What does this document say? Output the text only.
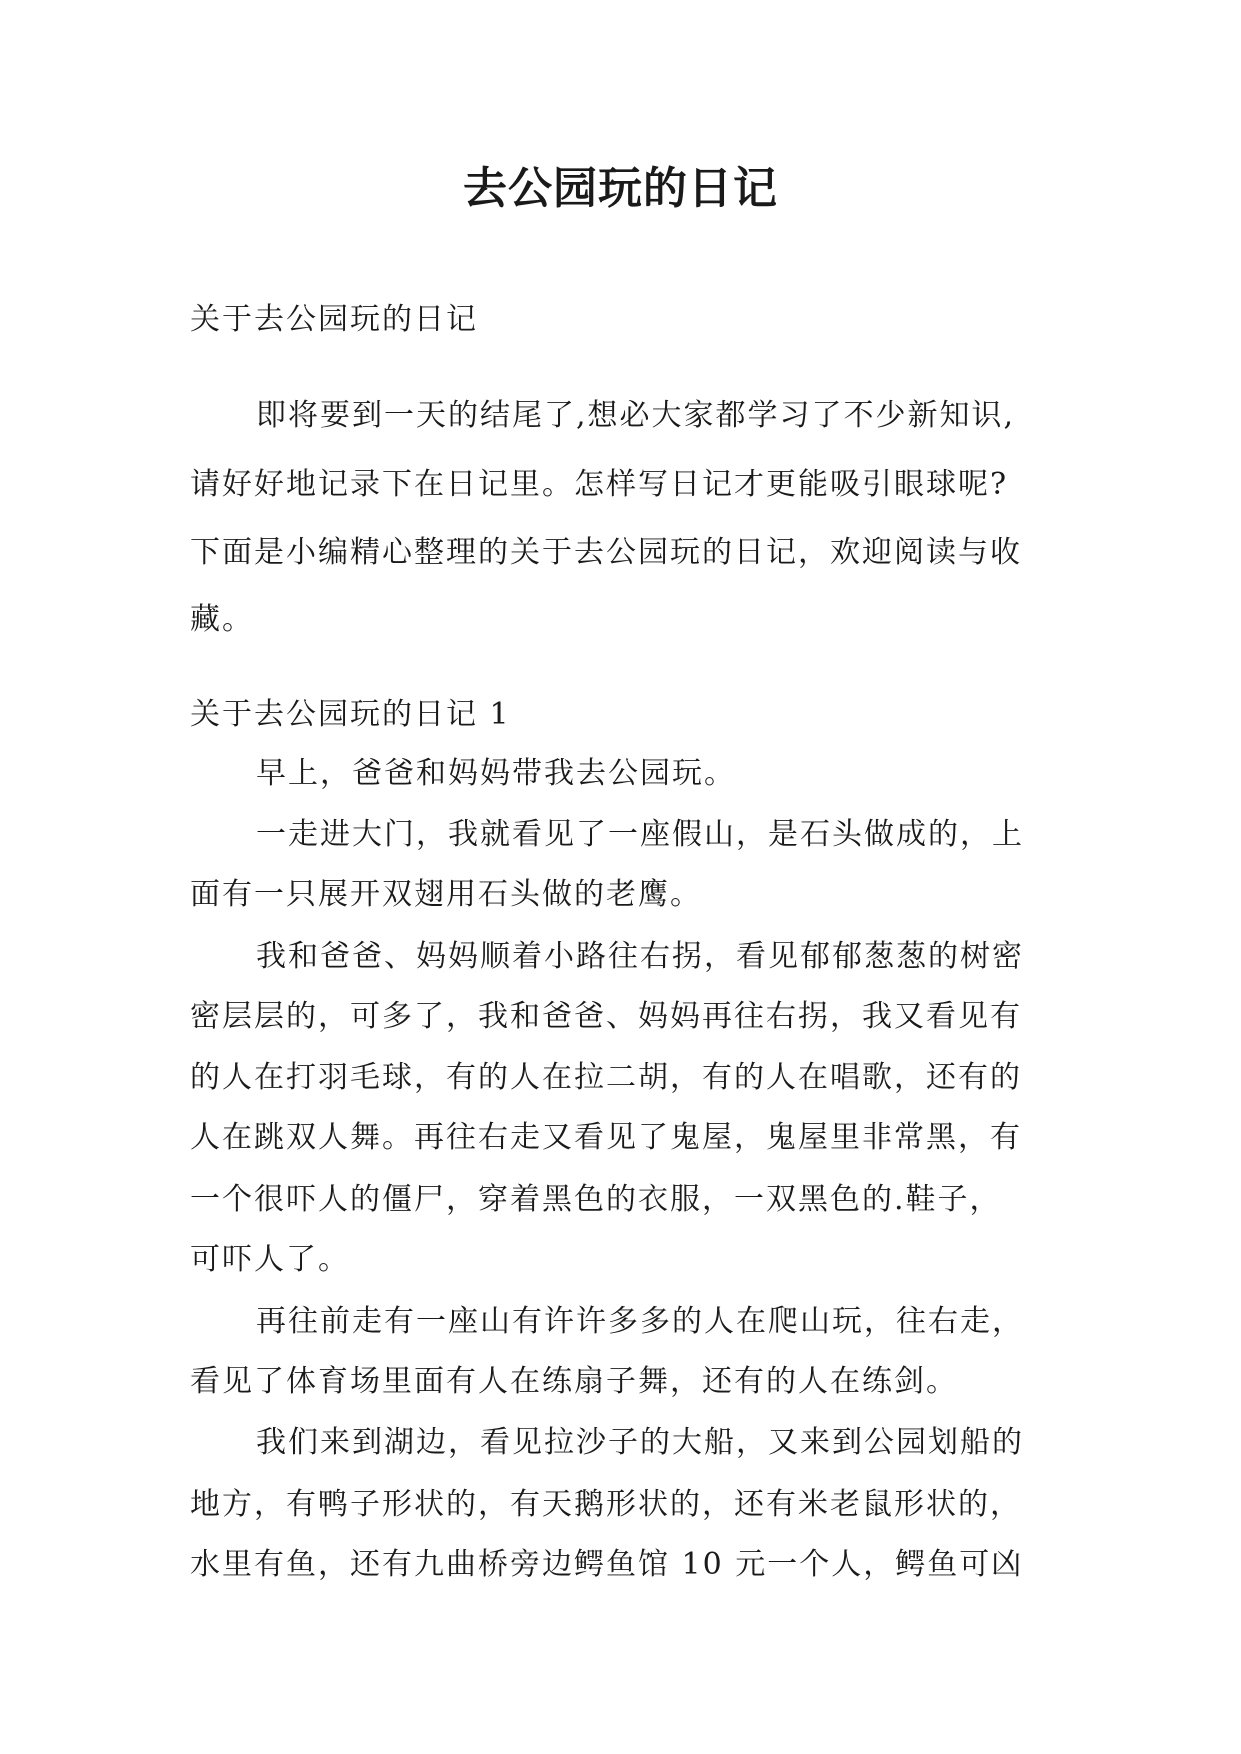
去公园玩的日记
关于去公园玩的日记
即将要到一天的结尾了,想必大家都学习了不少新知识,
请好好地记录下在日记里。怎样写日记才更能吸引眼球呢?
下面是小编精心整理的关于去公园玩的日记，欢迎阅读与收
藏。
关于去公园玩的日记 1
早上，爸爸和妈妈带我去公园玩。
一走进大门，我就看见了一座假山，是石头做成的，上
面有一只展开双翅用石头做的老鹰。
我和爸爸、妈妈顺着小路往右拐，看见郁郁葱葱的树密
密层层的，可多了，我和爸爸、妈妈再往右拐，我又看见有
的人在打羽毛球，有的人在拉二胡，有的人在唱歌，还有的
人在跳双人舞。再往右走又看见了鬼屋，鬼屋里非常黑，有
一个很吓人的僵尸，穿着黑色的衣服，一双黑色的.鞋子，
可吓人了。
再往前走有一座山有许许多多的人在爬山玩，往右走，
看见了体育场里面有人在练扇子舞，还有的人在练剑。
我们来到湖边，看见拉沙子的大船，又来到公园划船的
地方，有鸭子形状的，有天鹅形状的，还有米老鼠形状的，
水里有鱼，还有九曲桥旁边鳄鱼馆 10 元一个人，鳄鱼可凶
